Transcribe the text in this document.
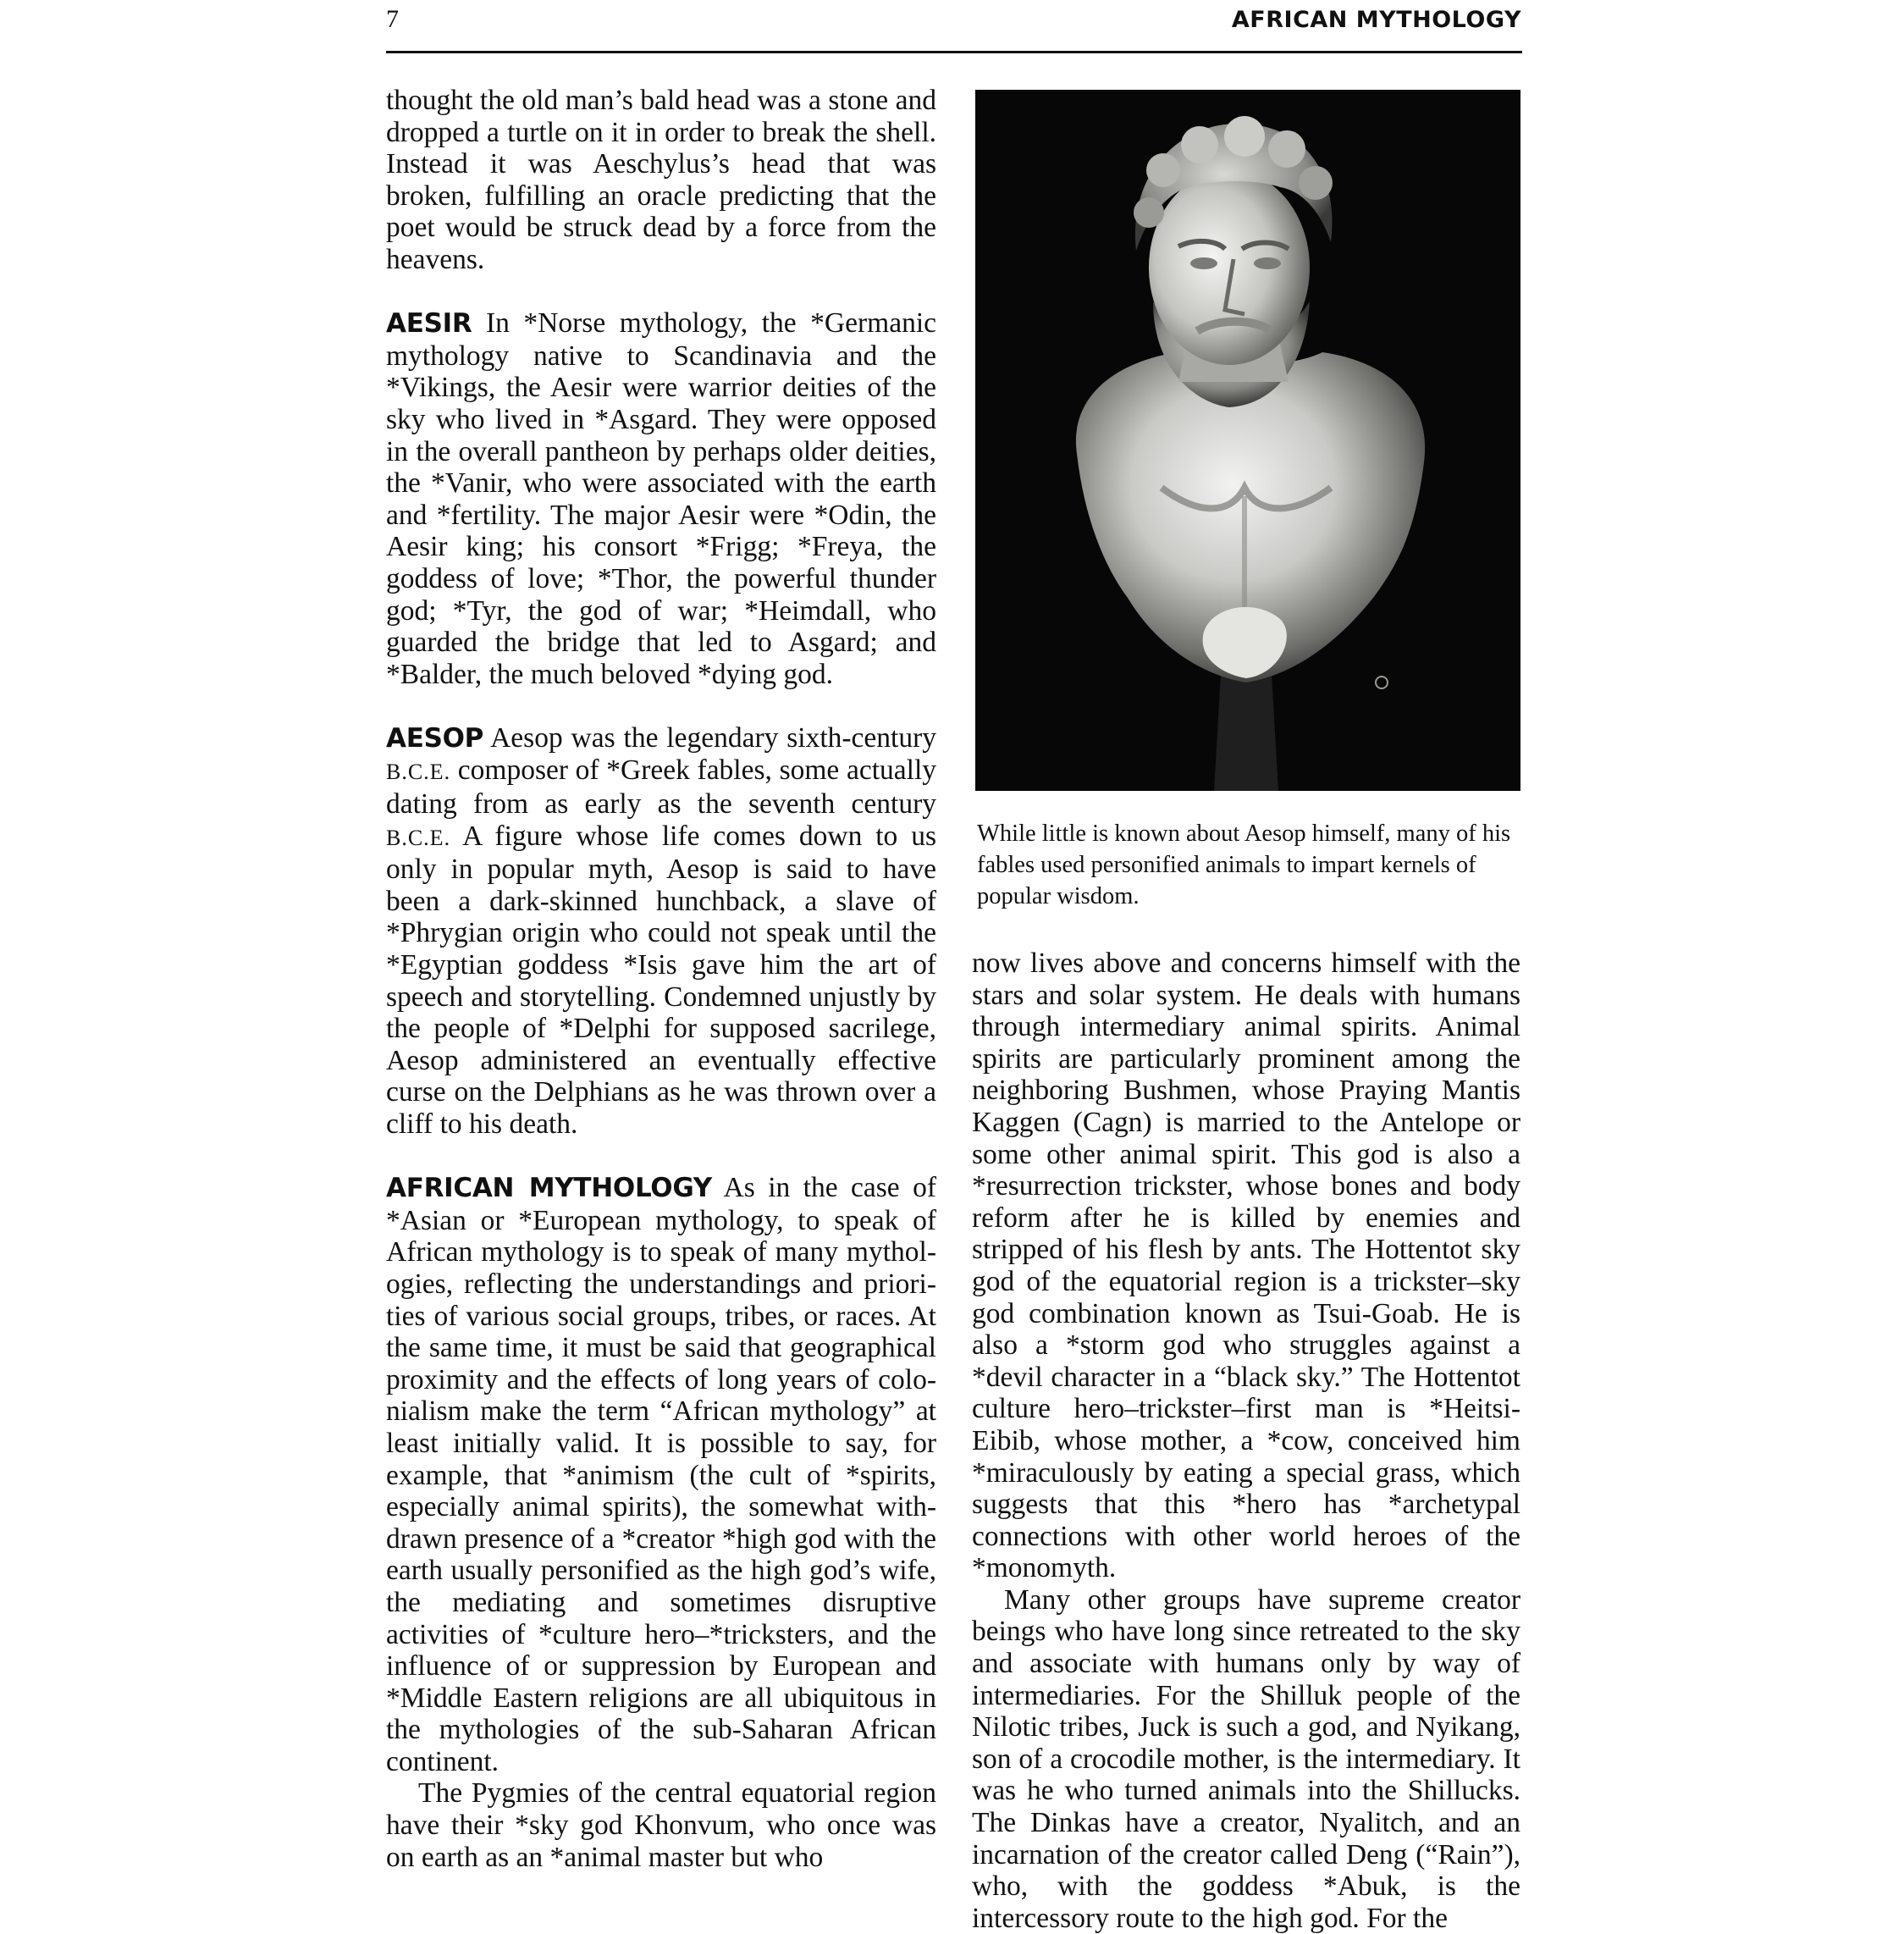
7	AFRICAN MYTHOLOGY

thought the old man’s bald head was a stone and dropped a turtle on it in order to break the shell. Instead it was Aeschylus’s head that was broken, fulfilling an oracle predicting that the poet would be struck dead by a force from the heavens.

AESIR In *Norse mythology, the *Germanic mythology native to Scandinavia and the *Vikings, the Aesir were warrior deities of the sky who lived in *Asgard. They were opposed in the overall pantheon by perhaps older deities, the *Vanir, who were associated with the earth and *fertility. The major Aesir were *Odin, the Aesir king; his consort *Frigg; *Freya, the goddess of love; *Thor, the powerful thunder god; *Tyr, the god of war; *Heimdall, who guarded the bridge that led to Asgard; and *Balder, the much beloved *dying god.

AESOP Aesop was the legendary sixth-century B.C.E. composer of *Greek fables, some actually dating from as early as the seventh century B.C.E. A figure whose life comes down to us only in popular myth, Aesop is said to have been a dark-skinned hunchback, a slave of *Phrygian origin who could not speak until the *Egyptian goddess *Isis gave him the art of speech and storytelling. Condemned unjustly by the people of *Delphi for supposed sacrilege, Aesop administered an eventually effective curse on the Delphians as he was thrown over a cliff to his death.

AFRICAN MYTHOLOGY As in the case of *Asian or *European mythology, to speak of African mythology is to speak of many mythologies, reflecting the understandings and priorities of various social groups, tribes, or races. At the same time, it must be said that geographical proximity and the effects of long years of colonialism make the term “African mythology” at least initially valid. It is possible to say, for example, that *animism (the cult of *spirits, especially animal spirits), the somewhat withdrawn presence of a *creator *high god with the earth usually personified as the high god’s wife, the mediating and sometimes disruptive activities of *culture hero–*tricksters, and the influence of or suppression by European and *Middle Eastern religions are all ubiquitous in the mythologies of the sub-Saharan African continent.

The Pygmies of the central equatorial region have their *sky god Khonvum, who once was on earth as an *animal master but who

While little is known about Aesop himself, many of his fables used personified animals to impart kernels of popular wisdom.

now lives above and concerns himself with the stars and solar system. He deals with humans through intermediary animal spirits. Animal spirits are particularly prominent among the neighboring Bushmen, whose Praying Mantis Kaggen (Cagn) is married to the Antelope or some other animal spirit. This god is also a *resurrection trickster, whose bones and body reform after he is killed by enemies and stripped of his flesh by ants. The Hottentot sky god of the equatorial region is a trickster–sky god combination known as Tsui-Goab. He is also a *storm god who struggles against a *devil character in a “black sky.” The Hottentot culture hero–trickster–first man is *Heitsi-Eibib, whose mother, a *cow, conceived him *miraculously by eating a special grass, which suggests that this *hero has *archetypal connections with other world heroes of the *monomyth.

Many other groups have supreme creator beings who have long since retreated to the sky and associate with humans only by way of intermediaries. For the Shilluk people of the Nilotic tribes, Juck is such a god, and Nyikang, son of a crocodile mother, is the intermediary. It was he who turned animals into the Shillucks. The Dinkas have a creator, Nyalitch, and an incarnation of the creator called Deng (“Rain”), who, with the goddess *Abuk, is the intercessory route to the high god. For the
